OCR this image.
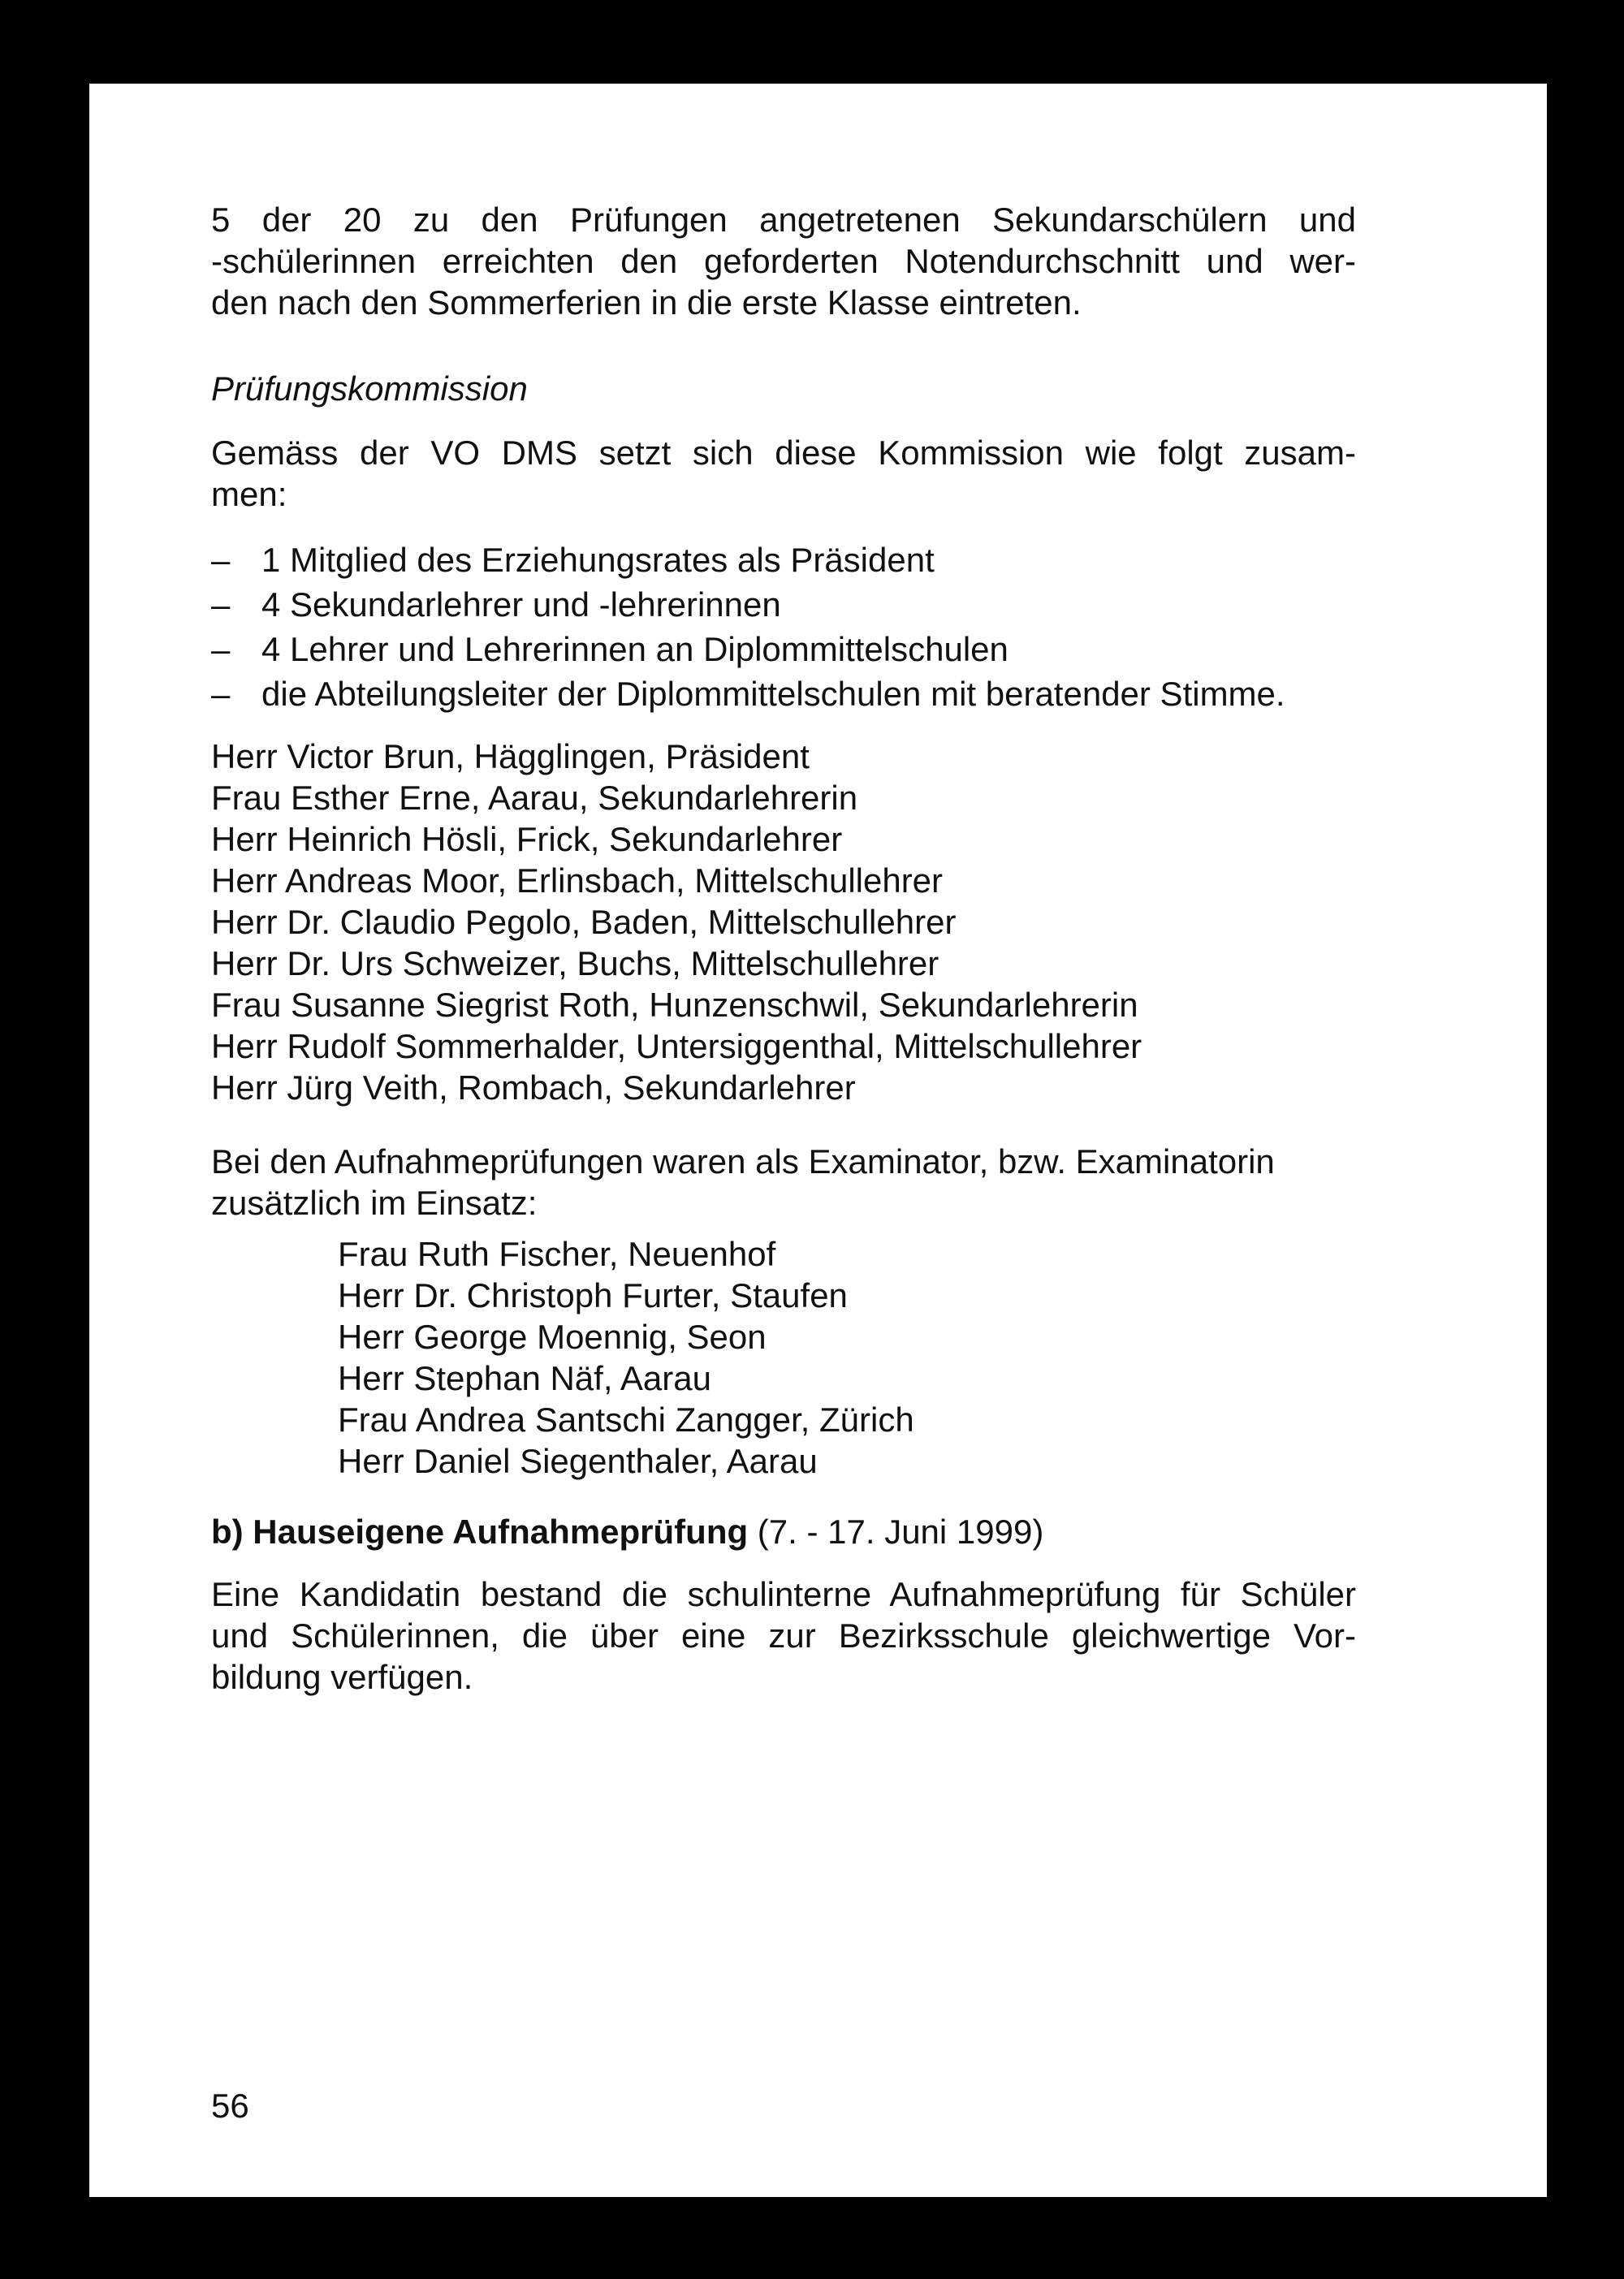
5 der 20 zu den Prüfungen angetretenen Sekundarschülern und
-schülerinnen erreichten den geforderten Notendurchschnitt und wer-
den nach den Sommerferien in die erste Klasse eintreten.

Prüfungskommission

Gemäss der VO DMS setzt sich diese Kommission wie folgt zusam-
men:

– 1 Mitglied des Erziehungsrates als Präsident
– 4 Sekundarlehrer und -lehrerinnen
– 4 Lehrer und Lehrerinnen an Diplommittelschulen
– die Abteilungsleiter der Diplommittelschulen mit beratender Stimme.
Herr Victor Brun, Hägglingen, Präsident
Frau Esther Erne, Aarau, Sekundarlehrerin
Herr Heinrich Hösli, Frick, Sekundarlehrer
Herr Andreas Moor, Erlinsbach, Mittelschullehrer
Herr Dr. Claudio Pegolo, Baden, Mittelschullehrer
Herr Dr. Urs Schweizer, Buchs, Mittelschullehrer
Frau Susanne Siegrist Roth, Hunzenschwil, Sekundarlehrerin
Herr Rudolf Sommerhalder, Untersiggenthal, Mittelschullehrer
Herr Jürg Veith, Rombach, Sekundarlehrer

Bei den Aufnahmeprüfungen waren als Examinator, bzw. Examinatorin
zusätzlich im Einsatz:

Frau Ruth Fischer, Neuenhof
Herr Dr. Christoph Furter, Staufen
Herr George Moennig, Seon
Herr Stephan Näf, Aarau
Frau Andrea Santschi Zangger, Zürich
Herr Daniel Siegenthaler, Aarau

b) Hauseigene Aufnahmeprüfung (7. - 17. Juni 1999)

Eine Kandidatin bestand die schulinterne Aufnahmeprüfung für Schüler
und Schülerinnen, die über eine zur Bezirksschule gleichwertige Vor-
bildung verfügen.

56
